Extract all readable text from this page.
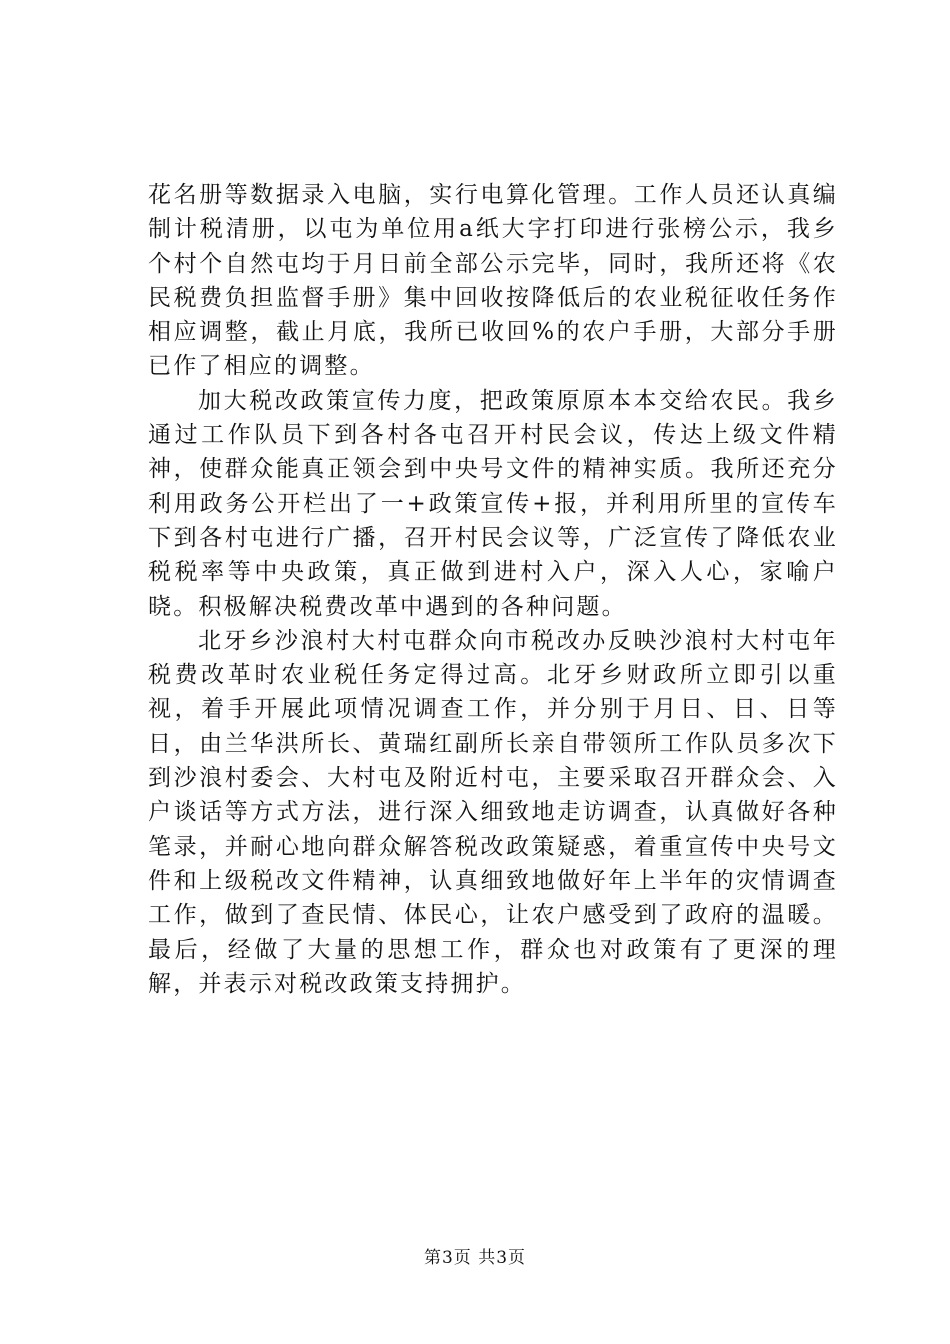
花名册等数据录入电脑，实行电算化管理。工作人员还认真编制计税清册，以屯为单位用a纸大字打印进行张榜公示，我乡个村个自然屯均于月日前全部公示完毕，同时，我所还将《农民税费负担监督手册》集中回收按降低后的农业税征收任务作相应调整，截止月底，我所已收回%的农户手册，大部分手册已作了相应的调整。

加大税改政策宣传力度，把政策原原本本交给农民。我乡通过工作队员下到各村各屯召开村民会议，传达上级文件精神，使群众能真正领会到中央号文件的精神实质。我所还充分利用政务公开栏出了一+政策宣传+报，并利用所里的宣传车下到各村屯进行广播，召开村民会议等，广泛宣传了降低农业税税率等中央政策，真正做到进村入户，深入人心，家喻户晓。积极解决税费改革中遇到的各种问题。

北牙乡沙浪村大村屯群众向市税改办反映沙浪村大村屯年税费改革时农业税任务定得过高。北牙乡财政所立即引以重视，着手开展此项情况调查工作，并分别于月日、日、日等日，由兰华洪所长、黄瑞红副所长亲自带领所工作队员多次下到沙浪村委会、大村屯及附近村屯，主要采取召开群众会、入户谈话等方式方法，进行深入细致地走访调查，认真做好各种笔录，并耐心地向群众解答税改政策疑惑，着重宣传中央号文件和上级税改文件精神，认真细致地做好年上半年的灾情调查工作，做到了查民情、体民心，让农户感受到了政府的温暖。最后，经做了大量的思想工作，群众也对政策有了更深的理解，并表示对税改政策支持拥护。

第3页 共3页
